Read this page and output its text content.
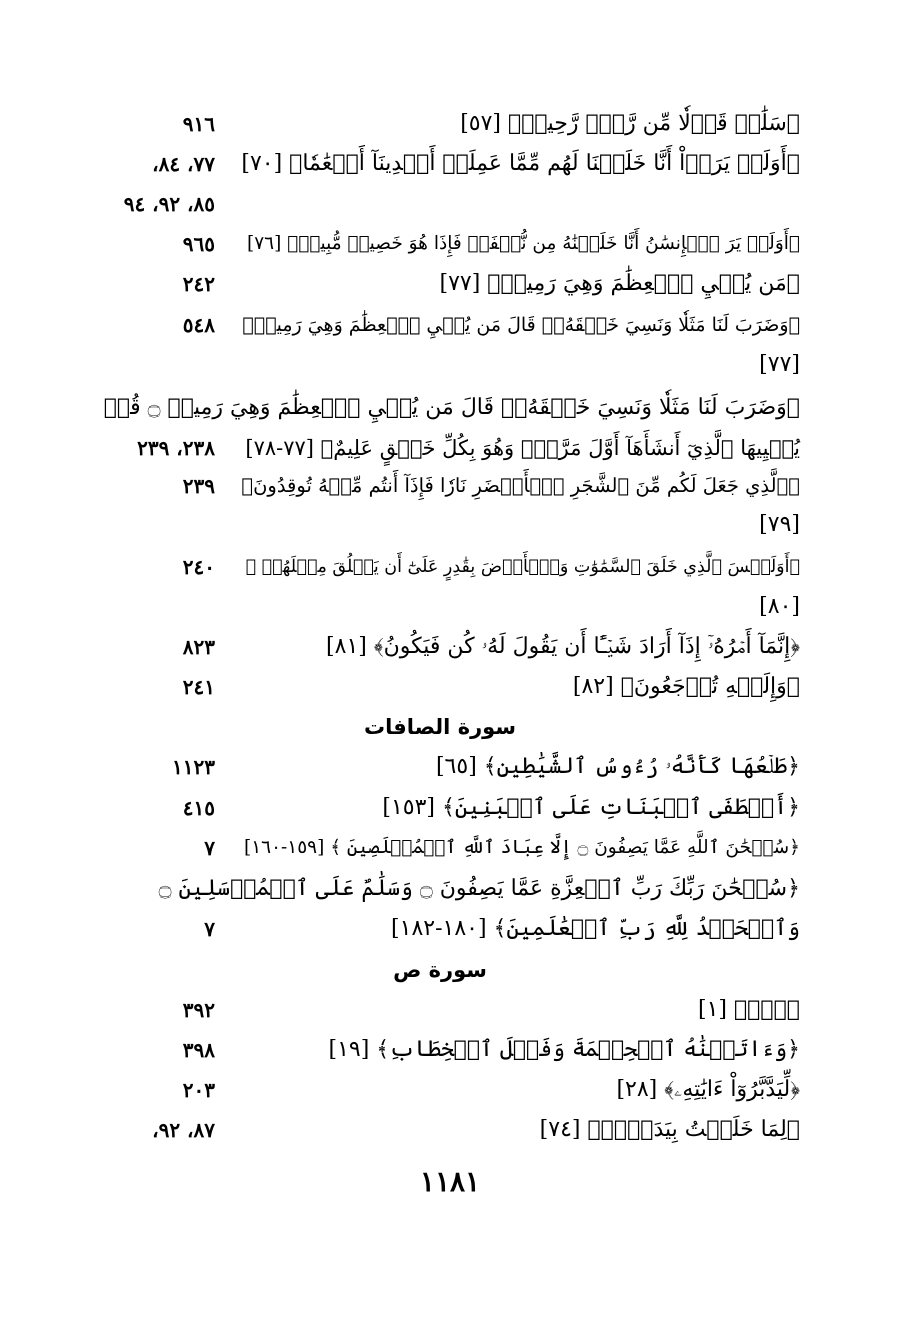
﴿سَلَٰمٞ قَوۡلٗا مِّن رَّبّٖ رَّحِيمٖ﴾ [٥٧]
٩١٦
﴿أَوَلَمۡ يَرَوۡاْ أَنَّا خَلَقۡنَا لَهُم مِّمَّا عَمِلَتۡ أَيۡدِينَآ أَنۡعَٰمٗا﴾ [٧٠]
٧٧، ٨٤،
٨٥، ٩٢، ٩٤
﴿أَوَلَمۡ يَرَ ٱلۡإِنسَٰنُ أَنَّا خَلَقۡنَٰهُ مِن نُّطۡفَةٖ فَإِذَا هُوَ خَصِيمٞ مُّبِينٞ﴾ [٧٦]
٩٦٥
﴿مَن يُحۡيِ ٱلۡعِظَٰمَ وَهِيَ رَمِيمٞ﴾ [٧٧]
٢٤٢
﴿وَضَرَبَ لَنَا مَثَلٗا وَنَسِيَ خَلۡقَهُۥۖ قَالَ مَن يُحۡيِ ٱلۡعِظَٰمَ وَهِيَ رَمِيمٞ﴾
٥٤٨
[٧٧]
﴿وَضَرَبَ لَنَا مَثَلٗا وَنَسِيَ خَلۡقَهُۥۖ قَالَ مَن يُحۡيِ ٱلۡعِظَٰمَ وَهِيَ رَمِيمٞ ۝ قُلۡ
يُحۡيِيهَا ٱلَّذِيٓ أَنشَأَهَآ أَوَّلَ مَرَّةٖۖ وَهُوَ بِكُلِّ خَلۡقٍ عَلِيمٌ﴾ [٧٧-٧٨]
٢٣٨، ٢٣٩
﴿ٱلَّذِي جَعَلَ لَكُم مِّنَ ٱلشَّجَرِ ٱلۡأَخۡضَرِ نَارٗا فَإِذَآ أَنتُم مِّنۡهُ تُوقِدُونَ﴾
٢٣٩
[٧٩]
﴿أَوَلَيۡسَ ٱلَّذِي خَلَقَ ٱلسَّمَٰوَٰتِ وَٱلۡأَرۡضَ بِقَٰدِرٍ عَلَىٰٓ أَن يَخۡلُقَ مِثۡلَهُمۚ ﴾
٢٤٠
[٨٠]
﴿إِنَّمَآ أَمۡرُهُۥٓ إِذَآ أَرَادَ شَيۡـًٔا أَن يَقُولَ لَهُۥ كُن فَيَكُونُ﴾ [٨١]
٨٢٣
﴿وَإِلَيۡهِ تُرۡجَعُونَ﴾ [٨٢]
٢٤١
سورة الصافات
﴿طَلۡعُهَا كَأَنَّهُۥ رُءُوسُ ٱلشَّيَٰطِينِ﴾ [٦٥]
١١٢٣
﴿أَصۡطَفَى ٱلۡبَنَاتِ عَلَى ٱلۡبَنِينَ﴾ [١٥٣]
٤١٥
﴿سُبۡحَٰنَ ٱللَّهِ عَمَّا يَصِفُونَ ۝ إِلَّا عِبَادَ ٱللَّهِ ٱلۡمُخۡلَصِينَ ﴾ [١٥٩-١٦٠]
٧
﴿سُبۡحَٰنَ رَبِّكَ رَبِّ ٱلۡعِزَّةِ عَمَّا يَصِفُونَ ۝ وَسَلَٰمٌ عَلَى ٱلۡمُرۡسَلِينَ ۝
وَٱلۡحَمۡدُ لِلَّهِ رَبِّ ٱلۡعَٰلَمِينَ﴾ [١٨٠-١٨٢]
٧
سورة ص
﴿صٓۚ﴾ [١]
٣٩٢
﴿وَءَاتَيۡنَٰهُ ٱلۡحِكۡمَةَ وَفَصۡلَ ٱلۡخِطَابِ﴾ [١٩]
٣٩٨
﴿لِّيَدَّبَّرُوٓاْ ءَايَٰتِهِۦ﴾ [٢٨]
٢٠٣
﴿لِمَا خَلَقۡتُ بِيَدَيَّۖ﴾ [٧٤]
٨٧، ٩٢،
١١٨١
